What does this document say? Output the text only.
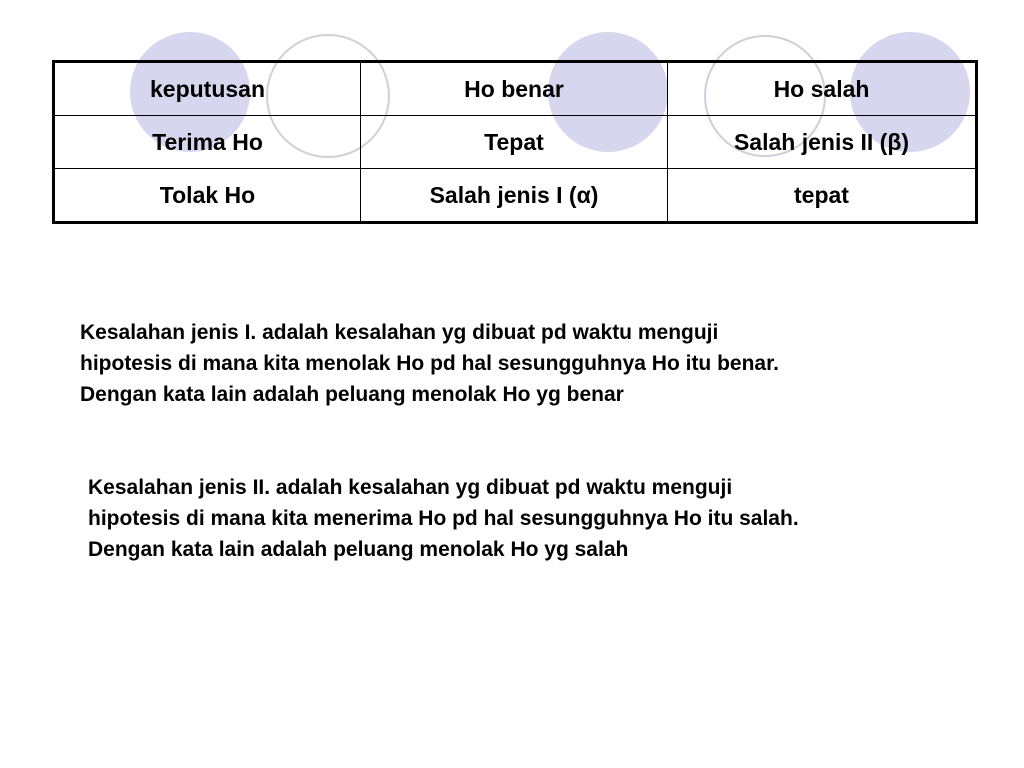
keputusan	Ho benar	Ho salah
Terima Ho	Tepat	Salah jenis II (β)
Tolak Ho	Salah jenis I (α)	tepat
Kesalahan jenis I. adalah kesalahan yg dibuat pd waktu menguji
hipotesis di mana kita menolak Ho pd hal sesungguhnya Ho itu benar.
Dengan kata lain adalah peluang menolak Ho yg benar
Kesalahan jenis II. adalah kesalahan yg dibuat pd waktu menguji
hipotesis di mana kita menerima Ho pd hal sesungguhnya Ho itu salah.
Dengan kata lain adalah peluang menolak Ho yg salah
